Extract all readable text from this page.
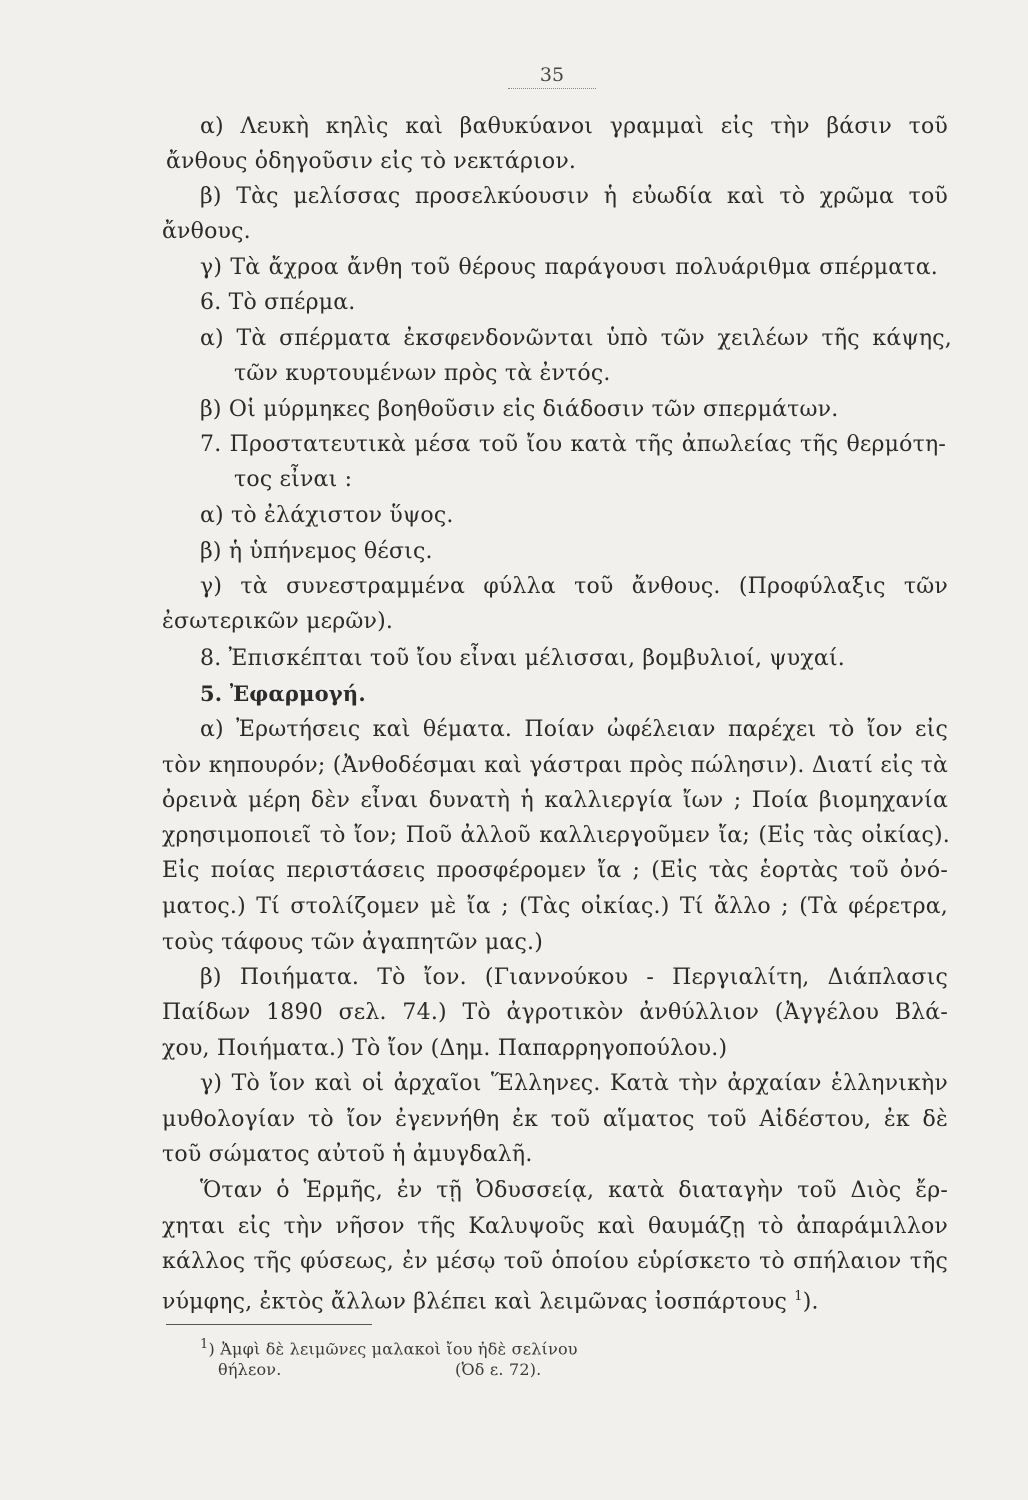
35

α) Λευκὴ κηλὶς καὶ βαθυκύανοι γραμμαὶ εἰς τὴν βάσιν τοῦ

ἄνθους ὁδηγοῦσιν εἰς τὸ νεκτάριον.

β) Τὰς μελίσσας προσελκύουσιν ἡ εὐωδία καὶ τὸ χρῶμα τοῦ

ἄνθους.

γ) Τὰ ἄχροα ἄνθη τοῦ θέρους παράγουσι πολυάριθμα σπέρματα.

6. Τὸ σπέρμα.

α) Τὰ σπέρματα ἐκσφενδονῶνται ὑπὸ τῶν χειλέων τῆς κάψης,

τῶν κυρτουμένων πρὸς τὰ ἐντός.

β) Οἱ μύρμηκες βοηθοῦσιν εἰς διάδοσιν τῶν σπερμάτων.

7. Προστατευτικὰ μέσα τοῦ ἴου κατὰ τῆς ἀπωλείας τῆς θερμότη-

τος εἶναι :

α) τὸ ἐλάχιστον ὕψος.

β) ἡ ὑπήνεμος θέσις.

γ) τὰ συνεστραμμένα φύλλα τοῦ ἄνθους. (Προφύλαξις τῶν

ἐσωτερικῶν μερῶν).

8. Ἐπισκέπται τοῦ ἴου εἶναι μέλισσαι, βομβυλιοί, ψυχαί.

5. Ἐφαρμογή.

α) Ἐρωτήσεις καὶ θέματα. Ποίαν ὠφέλειαν παρέχει τὸ ἴον εἰς

τὸν κηπουρόν; (Ἀνθοδέσμαι καὶ γάστραι πρὸς πώλησιν). Διατί εἰς τὰ

ὀρεινὰ μέρη δὲν εἶναι δυνατὴ ἡ καλλιεργία ἴων ; Ποία βιομηχανία

χρησιμοποιεῖ τὸ ἴον; Ποῦ ἀλλοῦ καλλιεργοῦμεν ἴα; (Εἰς τὰς οἰκίας).

Εἰς ποίας περιστάσεις προσφέρομεν ἴα ; (Εἰς τὰς ἑορτὰς τοῦ ὀνό-

ματος.) Τί στολίζομεν μὲ ἴα ; (Τὰς οἰκίας.) Τί ἄλλο ; (Τὰ φέρετρα,

τοὺς τάφους τῶν ἀγαπητῶν μας.)

β) Ποιήματα. Τὸ ἴον. (Γιαννούκου - Περγιαλίτη, Διάπλασις

Παίδων 1890 σελ. 74.) Τὸ ἀγροτικὸν ἀνθύλλιον (Ἀγγέλου Βλά-

χου, Ποιήματα.) Τὸ ἴον (Δημ. Παπαρρηγοπούλου.)

γ) Τὸ ἴον καὶ οἱ ἀρχαῖοι Ἕλληνες. Κατὰ τὴν ἀρχαίαν ἑλληνικὴν

μυθολογίαν τὸ ἴον ἐγεννήθη ἐκ τοῦ αἵματος τοῦ Αἰδέστου, ἐκ δὲ

τοῦ σώματος αὐτοῦ ἡ ἀμυγδαλῆ.

Ὅταν ὁ Ἑρμῆς, ἐν τῇ Ὀδυσσείᾳ, κατὰ διαταγὴν τοῦ Διὸς ἔρ-

χηται εἰς τὴν νῆσον τῆς Καλυψοῦς καὶ θαυμάζῃ τὸ ἀπαράμιλλον

κάλλος τῆς φύσεως, ἐν μέσῳ τοῦ ὁποίου εὑρίσκετο τὸ σπήλαιον τῆς

νύμφης, ἐκτὸς ἄλλων βλέπει καὶ λειμῶνας ἰοσπάρτους $^1$).

$^1$) Ἀμφὶ δὲ λειμῶνες μαλακοὶ ἴου ἠδὲ σελίνου

θήλεον.	(Ὀδ ε. 72).
